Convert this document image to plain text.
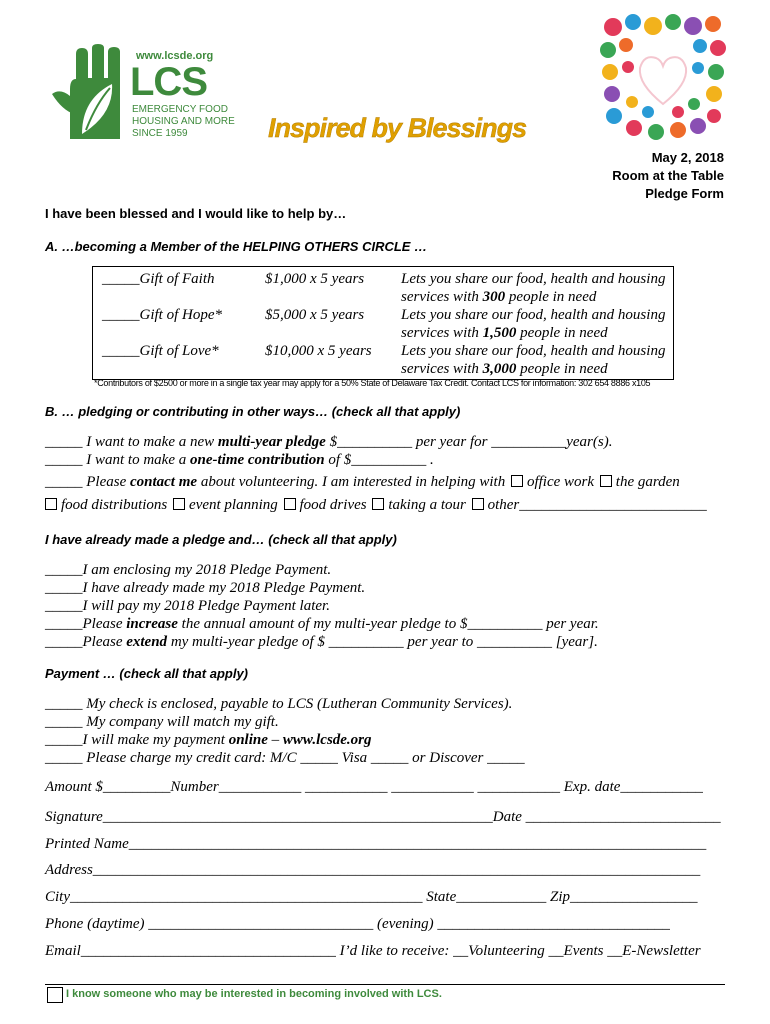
www.lcsde.org
LCS
EMERGENCY FOOD
HOUSING AND MORE
SINCE 1959	Inspired by Blessings
May 2, 2018
Room at the Table
Pledge Form
I have been blessed and I would like to help by…
A. …becoming a Member of the HELPING OTHERS CIRCLE …
_____Gift of Faith	$1,000 x 5 years Lets you share our food, health and housing
services with 300 people in need
_____Gift of Hope*	$5,000 x 5 years Lets you share our food, health and housing
services with 1,500 people in need
_____Gift of Love*	$10,000 x 5 years Lets you share our food, health and housing
services with 3,000 people in need
*Contributors of $2500 or more in a single tax year may apply for a 50% State of Delaware Tax Credit. Contact LCS for information: 302 654 8886 x105
B. … pledging or contributing in other ways… (check all that apply)
_____ I want to make a new multi-year pledge $__________ per year for __________year(s).
_____ I want to make a one-time contribution of $__________ .
_____ Please contact me about volunteering. I am interested in helping with office work the garden
food distributions event planning food drives taking a tour other_________________________
I have already made a pledge and… (check all that apply)
_____I am enclosing my 2018 Pledge Payment.
_____I have already made my 2018 Pledge Payment.
_____I will pay my 2018 Pledge Payment later.
_____Please increase the annual amount of my multi-year pledge to $__________ per year.
_____Please extend my multi-year pledge of $ __________ per year to __________ [year].
Payment … (check all that apply)
_____ My check is enclosed, payable to LCS (Lutheran Community Services).
_____ My company will match my gift.
_____I will make my payment online – www.lcsde.org
_____ Please charge my credit card: M/C _____ Visa _____ or Discover _____
Amount $_________Number___________ ___________ ___________ ___________ Exp. date___________
Signature____________________________________________________Date __________________________
Printed Name_____________________________________________________________________________
Address_________________________________________________________________________________
City_______________________________________________ State____________ Zip_________________
Phone (daytime) ______________________________ (evening) _______________________________
Email__________________________________ I’d like to receive: __Volunteering __Events __E-Newsletter
I know someone who may be interested in becoming involved with LCS.
